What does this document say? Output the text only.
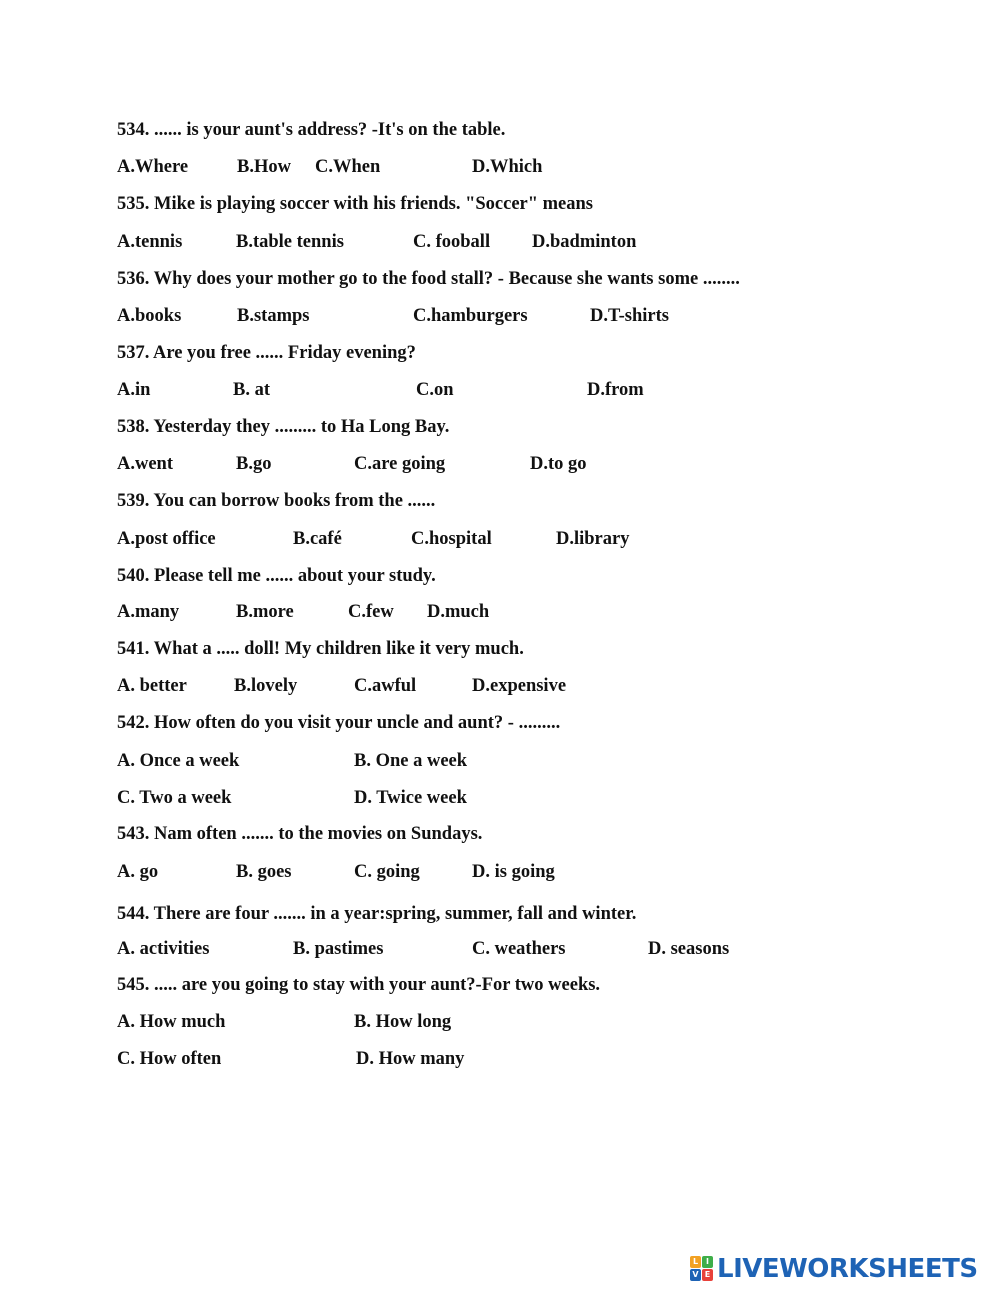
534. ...... is your aunt's address? -It's on the table.
A.Where	B.How C.When	D.Which
535. Mike is playing soccer with his friends. "Soccer" means
A.tennis	B.table tennis	C. fooball D.badminton
536. Why does your mother go to the food stall? - Because she wants some ........
A.books	B.stamps	C.hamburgers	D.T-shirts
537. Are you free ...... Friday evening?
A.in	B. at	C.on	D.from
538. Yesterday they ......... to Ha Long Bay.
A.went	B.go	C.are going	D.to go
539. You can borrow books from the ......
A.post office	B.café	C.hospital	D.library
540. Please tell me ...... about your study.
A.many	B.more	C.few D.much
541. What a ..... doll! My children like it very much.
A. better	B.lovely	C.awful	D.expensive
542. How often do you visit your uncle and aunt? - .........
A. Once a week	B. One a week
C. Two a week	D. Twice week
543. Nam often ....... to the movies on Sundays.
A. go	B. goes	C. going	D. is going
544. There are four ....... in a year:spring, summer, fall and winter.
A. activities	B. pastimes	C. weathers	D. seasons
545. ..... are you going to stay with your aunt?-For two weeks.
A. How much	B. How long
C. How often	D. How many
L I
V E LIVEWORKSHEETS
